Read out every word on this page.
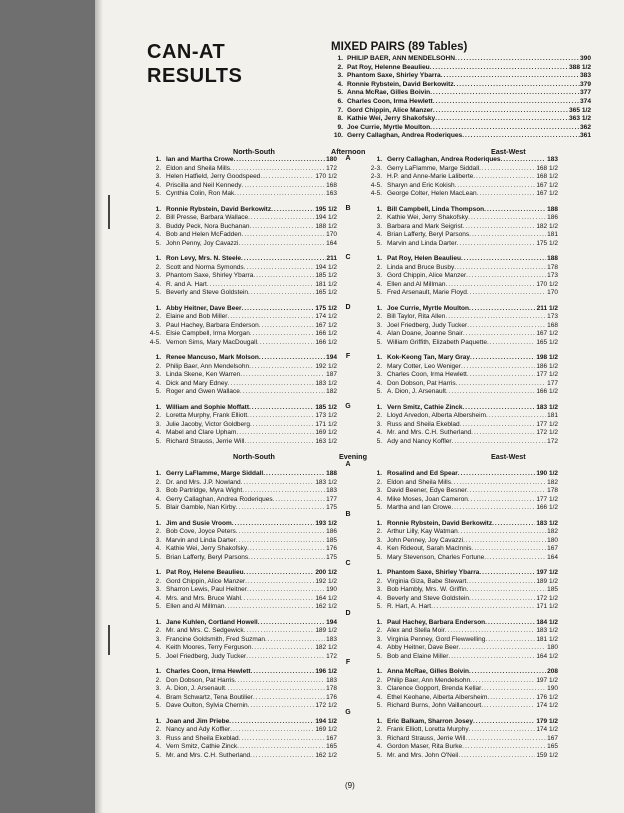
CAN-AT
RESULTS
MIXED PAIRS (89 Tables)
1. PHILIP BAER, ANN MENDELSOHN .....	390
2. Pat Roy, Helenne Beaulieu .....	388 1/2
3. Phantom Saxe, Shirley Ybarra .....	383
4. Ronnie Rybstein, David Berkowitz .....	379
5. Anna McRae, Gilles Boivin .....	377
6. Charles Coon, Irma Hewlett .....	374
7. Gord Chippin, Alice Manzer .....	365 1/2
8. Kathie Wei, Jerry Shakofsky .....	363 1/2
9. Joe Currie, Myrtle Moulton .....	362
10. Gerry Callaghan, Andrea Roderiques .....	361
North-South	Afternoon	East-West
1. Ian and Martha Crowe .....	180
2. Eldon and Sheila Mills .....	172
3. Helen Hatfield, Jerry Goodspeed .....	170 1/2
4. Priscilla and Neil Kennedy .....	168
5. Cynthia Colin, Ron Mak .....	163
1. Ronnie Rybstein, David Berkowitz .....	195 1/2
2. Bill Presse, Barbara Wallace .....	194 1/2
3. Buddy Peck, Nora Buchanan .....	188 1/2
4. Bob and Helen McFadden .....	170
5. John Penny, Joy Cavazzi .....	164
1. Ron Levy, Mrs. N. Steele .....	211
2. Scott and Norma Symonds .....	194 1/2
3. Phantom Saxe, Shirley Ybarra .....	185 1/2
4. R. and A. Hart .....	181 1/2
5. Beverly and Steve Goldstein .....	165 1/2
1. Abby Heitner, Dave Beer .....	175 1/2
2. Elaine and Bob Miller .....	174 1/2
3. Paul Hachey, Barbara Enderson .....	167 1/2
4-5. Elsie Campbell, Irma Morgan .....	166 1/2
4-5. Vernon Sims, Mary MacDougall .....	166 1/2
1. Renee Mancuso, Mark Molson .....	194
2. Philip Baer, Ann Mendelsohn .....	192 1/2
3. Linda Skene, Ken Warren .....	187
4. Dick and Mary Edney .....	183 1/2
5. Roger and Gwen Wallace .....	182
1. William and Sophie Moffatt .....	185 1/2
2. Loretta Murphy, Frank Elliott .....	173 1/2
3. Julie Jacoby, Victor Goldberg .....	171 1/2
4. Mabel and Clare Upham .....	169 1/2
5. Richard Strauss, Jerrie Will .....	163 1/2
1. Gerry Callaghan, Andrea Roderiques .....	183
2-3. Gerry LaFlamme, Marge Siddall .....	168 1/2
2-3. H.P. and Anne-Marie Laliberte .....	168 1/2
4-5. Sharyn and Eric Kokish .....	167 1/2
4-5. George Colter, Helen MacLean .....	167 1/2
1. Bill Campbell, Linda Thompson .....	188
2. Kathie Wei, Jerry Shakofsky .....	186
3. Barbara and Mark Seigrist .....	182 1/2
4. Brian Lafferty, Beryl Parsons .....	181
5. Marvin and Linda Darter .....	175 1/2
1. Pat Roy, Helen Beaulieu .....	188
2. Linda and Bruce Busby .....	178
3. Gord Chippin, Alice Manzer .....	173
4. Ellen and Al Millman .....	170 1/2
5. Fred Arsenault, Marie Floyd .....	170
1. Joe Currie, Myrtle Moulton .....	211 1/2
2. Bill Taylor, Rita Allen .....	173
3. Joel Friedberg, Judy Tucker .....	168
4. Alan Doane, Joanne Snair .....	167 1/2
5. William Griffith, Elizabeth Paquette .....	165 1/2
1. Kok-Keong Tan, Mary Gray .....	198 1/2
2. Mary Cotter, Leo Weniger .....	186 1/2
3. Charles Coon, Irma Hewlett .....	177 1/2
4. Don Dobson, Pat Harris .....	177
5. A. Dion, J. Arsenault .....	166 1/2
1. Vern Smitz, Cathie Zinck .....	183 1/2
2. Lloyd Arvedon, Alberta Albersheim .....	181
3. Russ and Sheila Ekeblad .....	177 1/2
4. Mr. and Mrs. C.H. Sutherland .....	172 1/2
5. Ady and Nancy Koffler .....	172
A
B
C
D
F
G
North-South	Evening	East-West
1. Gerry LaFlamme, Marge Siddall .....	188
2. Dr. and Mrs. J.P. Nowland .....	183 1/2
3. Bob Partridge, Myra Wight .....	183
4. Gerry Callaghan, Andrea Roderiques .....	177
5. Blair Gamble, Nan Kirby .....	175
1. Jim and Susie Vroom .....	193 1/2
2. Bob Cove, Joyce Peters .....	186
3. Marvin and Linda Darter .....	185
4. Kathie Wei, Jerry Shakofsky .....	176
5. Brian Lafferty, Beryl Parsons .....	175
1. Pat Roy, Helene Beaulieu .....	200 1/2
2. Gord Chippin, Alice Manzer .....	192 1/2
3. Sharron Lewis, Paul Heitner .....	190
4. Mrs. and Mrs. Bruce Wahl .....	164 1/2
5. Ellen and Al Millman .....	162 1/2
1. Jane Kuhlen, Cortland Howell .....	194
2. Mr. and Mrs. C. Sedgewick .....	189 1/2
3. Francine Goldsmith, Fred Suzman .....	183
4. Keith Moores, Terry Ferguson .....	182 1/2
5. Joel Friedberg, Judy Tucker .....	172
1. Charles Coon, Irma Hewlett .....	196 1/2
2. Don Dobson, Pat Harris .....	183
3. A. Dion, J. Arsenault .....	178
4. Bram Schwartz, Tena Boutilier .....	176
5. Dave Oulton, Sylvia Chernin .....	172 1/2
1. Joan and Jim Priebe .....	194 1/2
2. Nancy and Ady Koffler .....	169 1/2
3. Russ and Sheila Ekeblad .....	167
4. Vern Smitz, Cathie Zinck .....	165
5. Mr. and Mrs. C.H. Sutherland .....	162 1/2
1. Rosalind and Ed Spear .....	190 1/2
2. Eldon and Sheila Mills .....	182
3. David Beener, Edye Besner .....	178
4. Mike Moses, Joan Cameron .....	177 1/2
5. Martha and Ian Crowe .....	166 1/2
1. Ronnie Rybstein, David Berkowitz .....	183 1/2
2. Arthur Lilly, Kay Watman .....	182
3. John Penney, Joy Cavazzi .....	180
4. Ken Rideout, Sarah MacInnis .....	167
5. Mary Stevenson, Charles Fortune .....	164
1. Phantom Saxe, Shirley Ybarra .....	197 1/2
2. Virginia Giza, Babe Stewart .....	189 1/2
3. Bob Hambly, Mrs. W. Griffin .....	185
4. Beverly and Steve Goldstein .....	172 1/2
5. R. Hart, A. Hart .....	171 1/2
1. Paul Hachey, Barbara Enderson .....	184 1/2
2. Alex and Stella Moir .....	183 1/2
3. Virginia Penney, Gord Flewwelling .....	181 1/2
4. Abby Heitner, Dave Beer .....	180
5. Bob and Elaine Miller .....	164 1/2
1. Anna McRae, Gilles Boivin .....	208
2. Philip Baer, Ann Mendelsohn .....	197 1/2
3. Clarence Gopport, Brenda Kellar .....	190
4. Ethel Keohane, Alberta Albersheim .....	176 1/2
5. Richard Burns, John Vaillancourt .....	174 1/2
1. Eric Balkam, Sharron Josey .....	179 1/2
2. Frank Elliott, Loretta Murphy .....	174 1/2
3. Richard Strauss, Jerrie Will .....	167
4. Gordon Maser, Rita Burke .....	165
5. Mr. and Mrs. John O'Neil .....	159 1/2
A
B
C
D
F
G
(9)
